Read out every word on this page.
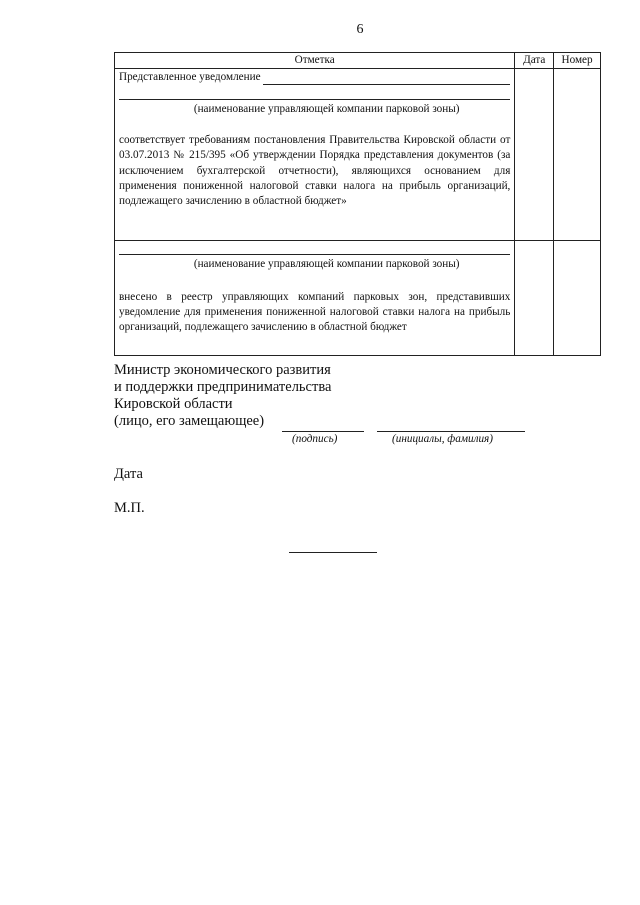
6
Отметка	Дата	Номер

Представленное уведомление
(наименование управляющей компании парковой зоны)
соответствует требованиям постановления Правительства Кировской области от 03.07.2013 № 215/395 «Об утверждении Порядка представления документов (за исключением бухгалтерской отчетности), являющихся основанием для применения пониженной налоговой ставки налога на прибыль организаций, подлежащего зачислению в областной бюджет»		

(наименование управляющей компании парковой зоны)
внесено в реестр управляющих компаний парковых зон, представивших уведомление для применения пониженной налоговой ставки налога на прибыль организаций, подлежащего зачислению в областной бюджет		

Министр экономического развития
и поддержки предпринимательства
Кировской области
(лицо, его замещающее)
(подпись)	(инициалы, фамилия)
Дата
М.П.
